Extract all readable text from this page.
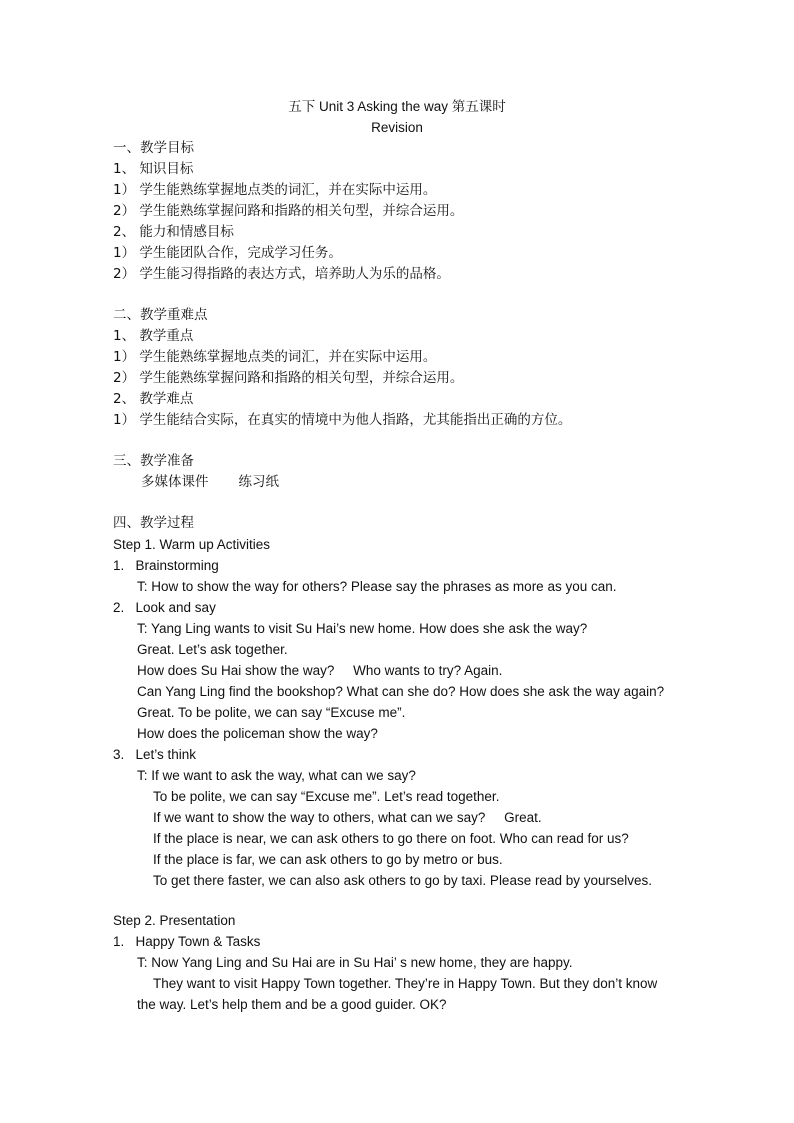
五下 Unit 3 Asking the way 第五课时
Revision
一、教学目标
1、 知识目标
1） 学生能熟练掌握地点类的词汇，并在实际中运用。
2） 学生能熟练掌握问路和指路的相关句型，并综合运用。
2、 能力和情感目标
1） 学生能团队合作，完成学习任务。
2） 学生能习得指路的表达方式，培养助人为乐的品格。
二、教学重难点
1、 教学重点
1） 学生能熟练掌握地点类的词汇，并在实际中运用。
2） 学生能熟练掌握问路和指路的相关句型，并综合运用。
2、 教学难点
1） 学生能结合实际，在真实的情境中为他人指路，尤其能指出正确的方位。
三、教学准备
多媒体课件       练习纸
四、教学过程
Step 1. Warm up Activities
1.   Brainstorming
T: How to show the way for others? Please say the phrases as more as you can.
2.   Look and say
T: Yang Ling wants to visit Su Hai’s new home. How does she ask the way?
Great. Let’s ask together.
How does Su Hai show the way?     Who wants to try? Again.
Can Yang Ling find the bookshop? What can she do? How does she ask the way again?
Great. To be polite, we can say “Excuse me”.
How does the policeman show the way?
3.   Let’s think
T: If we want to ask the way, what can we say?
To be polite, we can say “Excuse me”. Let’s read together.
If we want to show the way to others, what can we say?     Great.
If the place is near, we can ask others to go there on foot. Who can read for us?
If the place is far, we can ask others to go by metro or bus.
To get there faster, we can also ask others to go by taxi. Please read by yourselves.
Step 2. Presentation
1.   Happy Town & Tasks
T: Now Yang Ling and Su Hai are in Su Hai’ s new home, they are happy.
They want to visit Happy Town together. They’re in Happy Town. But they don’t know
the way. Let’s help them and be a good guider. OK?
